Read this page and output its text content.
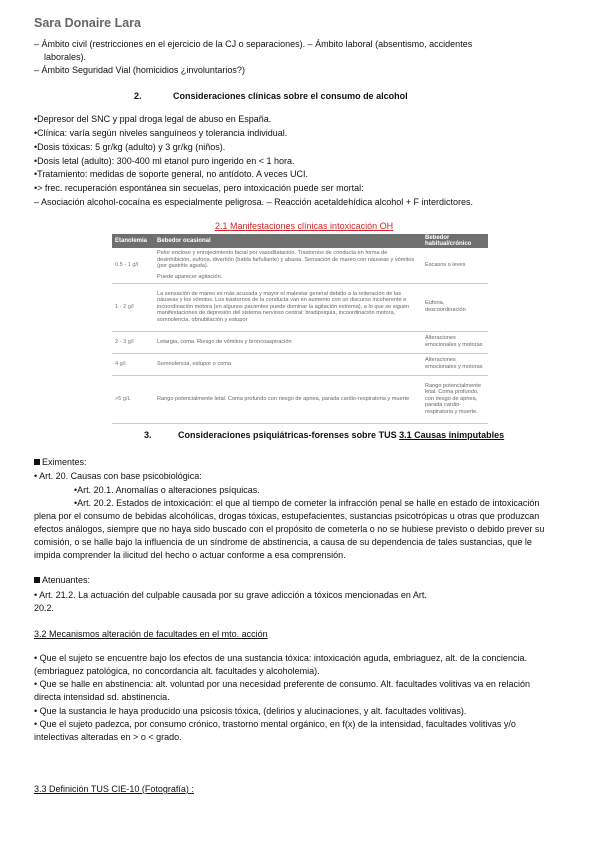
Sara Donaire Lara
– Ámbito civil (restricciones en el ejercicio de la CJ o separaciones). – Ámbito laboral (absentismo, accidentes
laborales).
– Ámbito Seguridad Vial (homicidios ¿involuntarios?)
2.	Consideraciones clínicas sobre el consumo de alcohol
•Depresor del SNC y ppal droga legal de abuso en España.
•Clínica: varía según niveles sanguíneos y tolerancia individual.
•Dosis tóxicas: 5 gr/kg (adulto) y 3 gr/kg (niños).
•Dosis letal (adulto): 300-400 ml etanol puro ingerido en < 1 hora.
•Tratamiento: medidas de soporte general, no antídoto. A veces UCI.
•> frec. recuperación espontánea sin secuelas, pero intoxicación puede ser mortal:
– Asociación alcohol-cocaína es especialmente peligrosa. – Reacción acetaldehídica alcohol + F interdictores.
2.1 Manifestaciones clínicas intoxicación OH
Etanolemia	Bebedor ocasional	Bebedor habitual/crónico
0,5 - 1 g/l	Pelor encloso y enrojecimiento facial por vasodilatación. Trastornos de conducta en forma de desinhibición, euforia, divertión (habla farfullante) y abasia. Sensación de mareo con náuseas y vómitos (por gastritis aguda).
Puede aparecer agitación.	Escasos o leves
1 - 2 g/l	La sensación de mareo es más acusada y mayor el malestar general debido a la reiteración de las náuseas y los vómitos. Los trastornos de la conducta van en aumento con un discurso incoherente e incoordinación motora (en algunos pacientes puede dominar la agitación extrema), a lo que se siguen manifestaciones de depresión del sistema nervioso central: bradipsiquia, incoordinación motora, somnolencia, obnubilación y estupor	Euforia, descoordinación
2 - 3 g/l	Letargia, coma. Riesgo de vómitos y broncoaspiración	Alteraciones emocionales y motoras
4 g/l	Somnolencia, estupor o coma	Alteraciones emocionales y motoras
>5 g/L	Rango potencialmente letal. Coma profundo con riesgo de apnea, parada cardio-respiratoria y muerte	Rango potencialmente letal. Coma profundo, con riesgo de apnea, parada cardio-respiratoria y muerte.
3.	Consideraciones psiquiátricas-forenses sobre TUS 3.1 Causas inimputables
Eximentes:
• Art. 20. Causas con base psicobiológica:
•Art. 20.1. Anomalías o alteraciones psíquicas.
•Art. 20.2. Estados de intoxicación: el que al tiempo de cometer la infracción penal se halle en estado de intoxicación
plena por el consumo de bebidas alcohólicas, drogas tóxicas, estupefacientes, sustancias psicotrópicas u otras que produzcan
efectos análogos, siempre que no haya sido buscado con el propósito de cometerla o no se hubiese previsto o debido prever su
comisión, o se halle bajo la influencia de un síndrome de abstinencia, a causa de su dependencia de tales sustancias, que le
impida comprender la ilicitud del hecho o actuar conforme a esa comprensión.
Atenuantes:
• Art. 21.2. La actuación del culpable causada por su grave adicción a tóxicos mencionadas en Art.
20.2.
3.2 Mecanismos alteración de facultades en el mto. acción
• Que el sujeto se encuentre bajo los efectos de una sustancia tóxica: intoxicación aguda, embriaguez, alt. de la conciencia.
(embriaguez patológica, no concordancia alt. facultades y alcoholemia).
• Que se halle en abstinencia: alt. voluntad por una necesidad preferente de consumo. Alt. facultades volitivas va en relación
directa intensidad sd. abstinencia.
• Que la sustancia le haya producido una psicosis tóxica, (delirios y alucinaciones, y alt. facultades volitivas).
• Que el sujeto padezca, por consumo crónico, trastorno mental orgánico, en f(x) de la intensidad, facultades volitivas y/o
intelectivas alteradas en > o < grado.
3.3 Definición TUS CIE-10 (Fotografía) :
